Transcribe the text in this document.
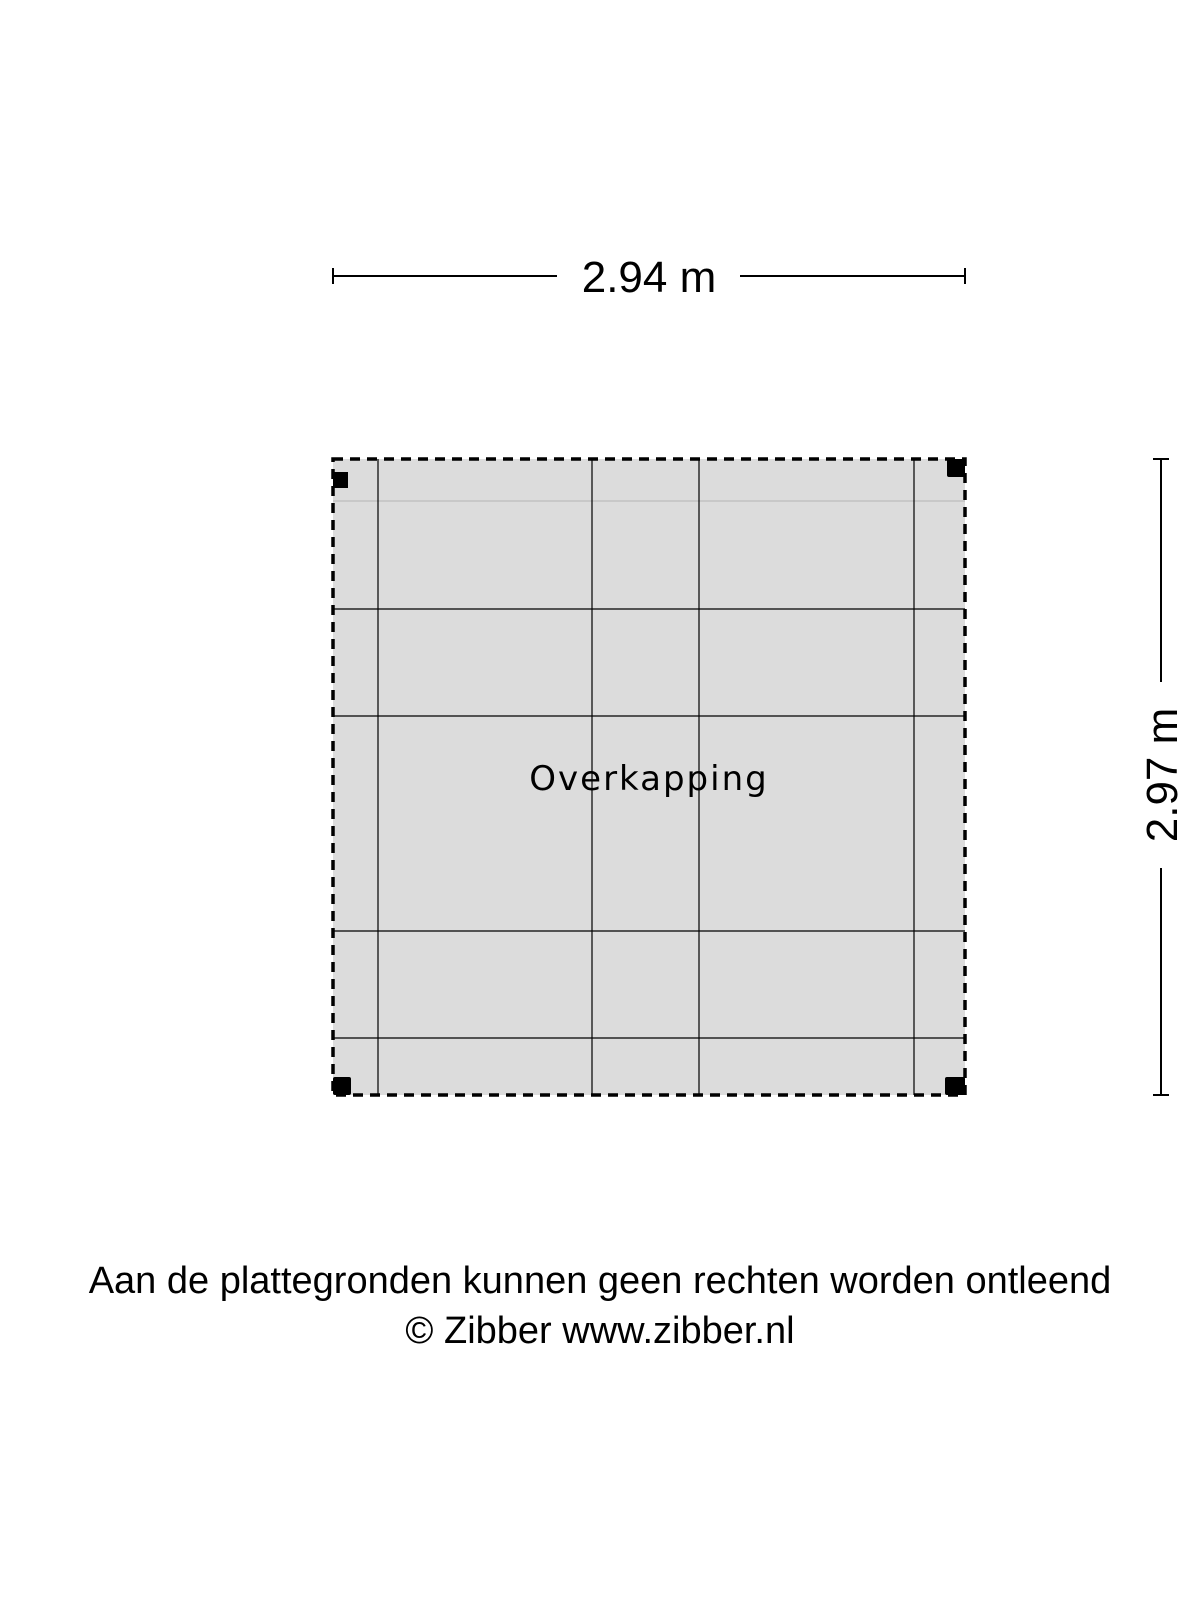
2.94 m
2.97 m
Overkapping
Aan de plattegronden kunnen geen rechten worden ontleend
© Zibber www.zibber.nl
